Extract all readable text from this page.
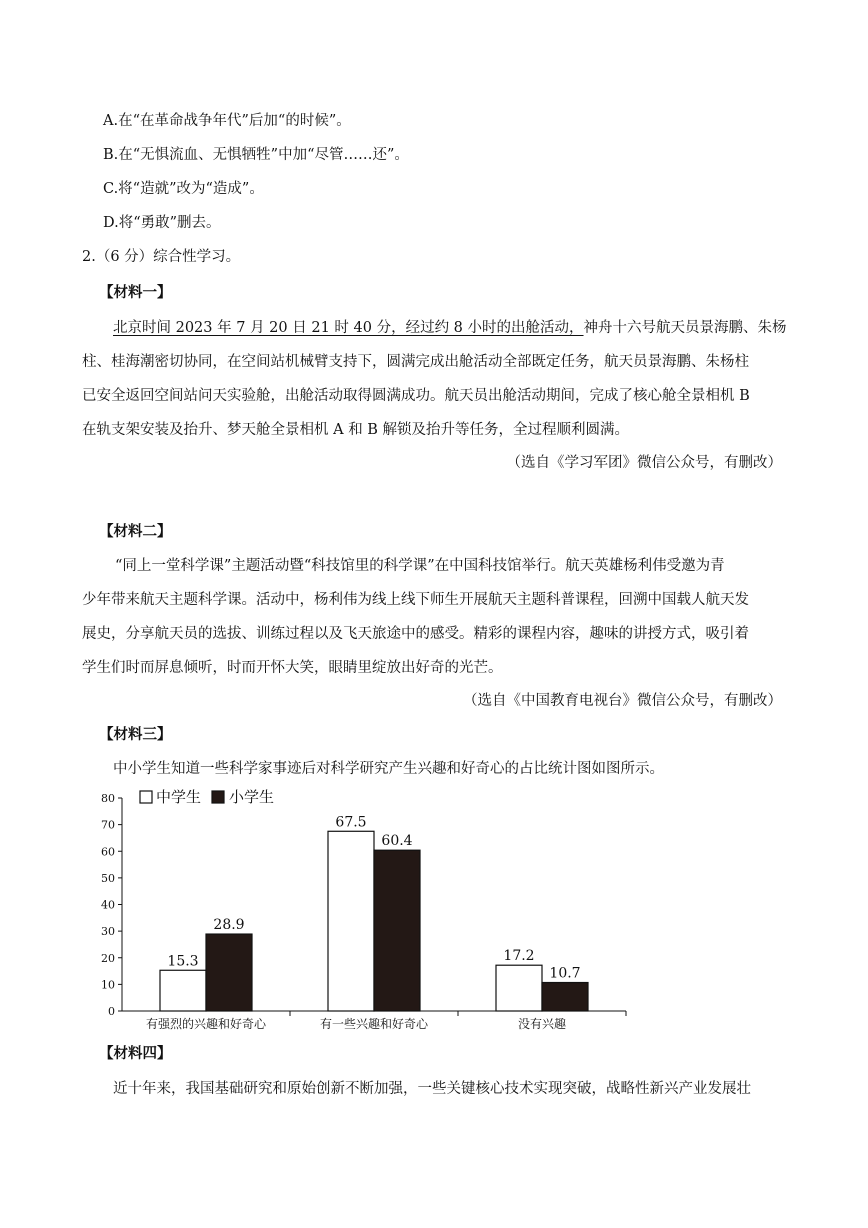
A.在“在革命战争年代”后加“的时候”。
B.在“无惧流血、无惧牺牲”中加“尽管……还”。
C.将“造就”改为“造成”。
D.将“勇敢”删去。
2.（6 分）综合性学习。
【材料一】
北京时间 2023 年 7 月 20 日 21 时 40 分，经过约 8 小时的出舱活动，神舟十六号航天员景海鹏、朱杨
柱、桂海潮密切协同，在空间站机械臂支持下，圆满完成出舱活动全部既定任务，航天员景海鹏、朱杨柱
已安全返回空间站问天实验舱，出舱活动取得圆满成功。航天员出舱活动期间，完成了核心舱全景相机 B
在轨支架安装及抬升、梦天舱全景相机 A 和 B 解锁及抬升等任务，全过程顺利圆满。
（选自《学习军团》微信公众号，有删改）
【材料二】
“同上一堂科学课”主题活动暨“科技馆里的科学课”在中国科技馆举行。航天英雄杨利伟受邀为青
少年带来航天主题科学课。活动中，杨利伟为线上线下师生开展航天主题科普课程，回溯中国载人航天发
展史，分享航天员的选拔、训练过程以及飞天旅途中的感受。精彩的课程内容，趣味的讲授方式，吸引着
学生们时而屏息倾听，时而开怀大笑，眼睛里绽放出好奇的光芒。
（选自《中国教育电视台》微信公众号，有删改）
【材料三】
中小学生知道一些科学家事迹后对科学研究产生兴趣和好奇心的占比统计图如图所示。
0
10
20
30
40
50
60
70
80
15.3
28.9
有强烈的兴趣和好奇心
67.5
60.4
有一些兴趣和好奇心
17.2
10.7
没有兴趣
中学生 小学生
【材料四】
近十年来，我国基础研究和原始创新不断加强，一些关键核心技术实现突破，战略性新兴产业发展壮
